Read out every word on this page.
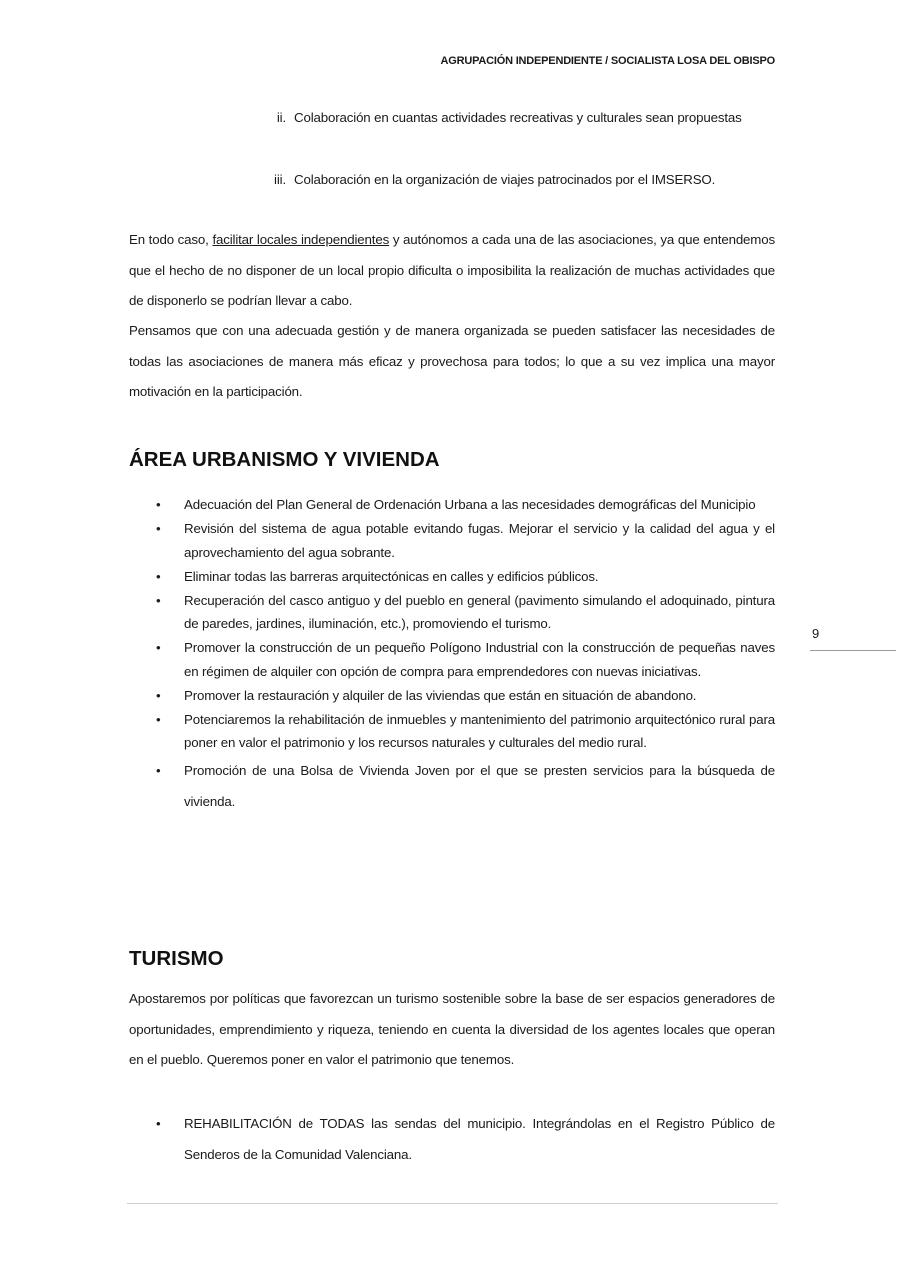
AGRUPACIÓN INDEPENDIENTE / SOCIALISTA LOSA DEL OBISPO
ii. Colaboración en cuantas actividades recreativas y culturales sean propuestas
iii. Colaboración en la organización de viajes patrocinados por el IMSERSO.
En todo caso, facilitar locales independientes y autónomos a cada una de las asociaciones, ya que entendemos que el hecho de no disponer de un local propio dificulta o imposibilita la realización de muchas actividades que de disponerlo se podrían llevar a cabo.
Pensamos que con una adecuada gestión y de manera organizada se pueden satisfacer las necesidades de todas las asociaciones de manera más eficaz y provechosa para todos; lo que a su vez implica una mayor motivación en la participación.
ÁREA URBANISMO Y VIVIENDA
• Adecuación del Plan General de Ordenación Urbana a las necesidades demográficas del Municipio
• Revisión del sistema de agua potable evitando fugas. Mejorar el servicio y la calidad del agua y el aprovechamiento del agua sobrante.
• Eliminar todas las barreras arquitectónicas en calles y edificios públicos.
• Recuperación del casco antiguo y del pueblo en general (pavimento simulando el adoquinado, pintura de paredes, jardines, iluminación, etc.), promoviendo el turismo.
• Promover la construcción de un pequeño Polígono Industrial con la construcción de pequeñas naves en régimen de alquiler con opción de compra para emprendedores con nuevas iniciativas.
• Promover la restauración y alquiler de las viviendas que están en situación de abandono.
• Potenciaremos la rehabilitación de inmuebles y mantenimiento del patrimonio arquitectónico rural para poner en valor el patrimonio y los recursos naturales y culturales del medio rural.
• Promoción de una Bolsa de Vivienda Joven por el que se presten servicios para la búsqueda de vivienda.
9
TURISMO
Apostaremos por políticas que favorezcan un turismo sostenible sobre la base de ser espacios generadores de oportunidades, emprendimiento y riqueza, teniendo en cuenta la diversidad de los agentes locales que operan en el pueblo. Queremos poner en valor el patrimonio que tenemos.
• REHABILITACIÓN de TODAS las sendas del municipio. Integrándolas en el Registro Público de Senderos de la Comunidad Valenciana.
